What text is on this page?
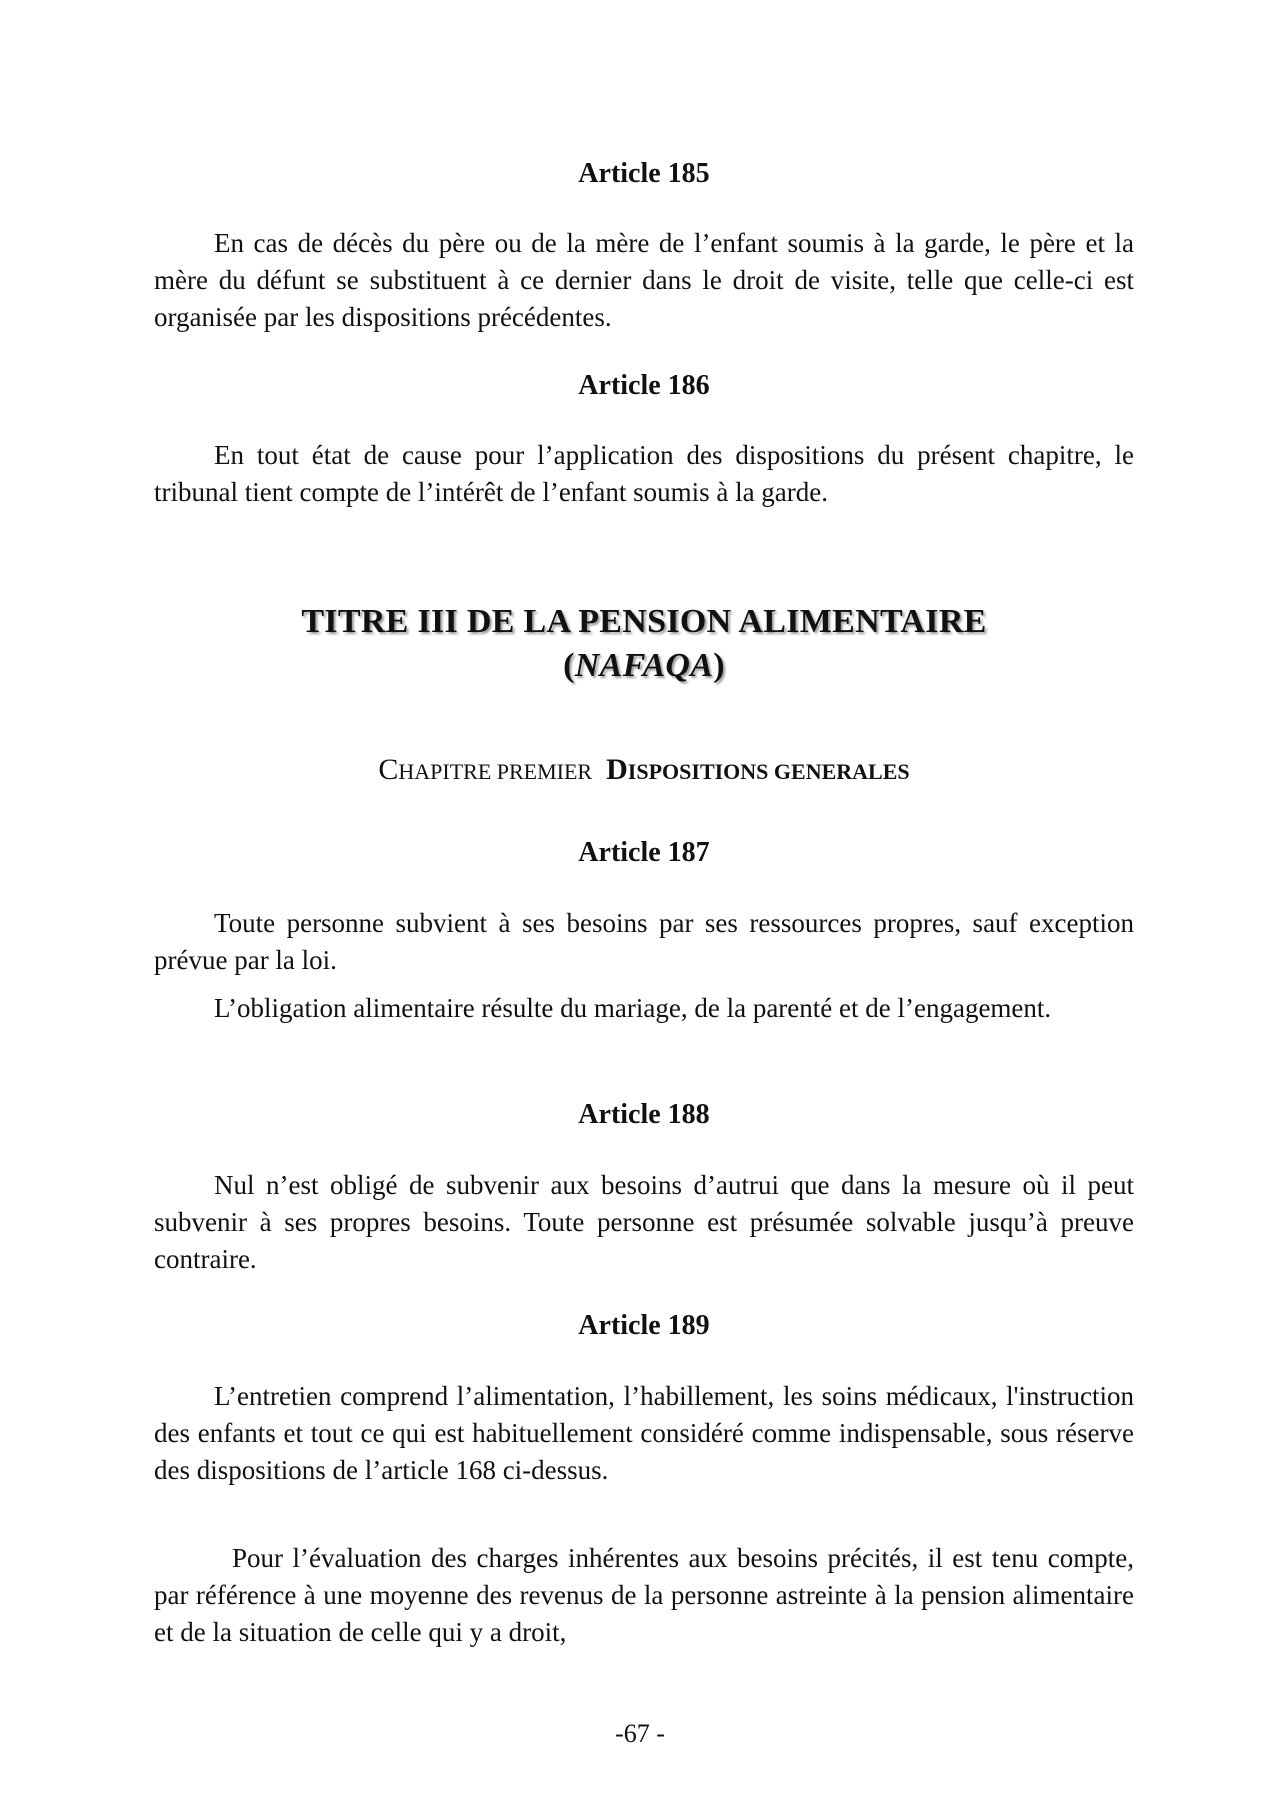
Article 185

En cas de décès du père ou de la mère de l’enfant soumis à la garde, le père et la mère du défunt se substituent à ce dernier dans le droit de visite, telle que celle-ci est organisée par les dispositions précédentes.

Article 186

En tout état de cause pour l’application des dispositions du présent chapitre, le tribunal tient compte de l’intérêt de l’enfant soumis à la garde.

TITRE III DE LA PENSION ALIMENTAIRE

(NAFAQA)

CHAPITRE PREMIER DISPOSITIONS GENERALES

Article 187

Toute personne subvient à ses besoins par ses ressources propres, sauf exception prévue par la loi.

L’obligation alimentaire résulte du mariage, de la parenté et de l’engagement.

Article 188

Nul n’est obligé de subvenir aux besoins d’autrui que dans la mesure où il peut subvenir à ses propres besoins. Toute personne est présumée solvable jusqu’à preuve contraire.

Article 189

L’entretien comprend l’alimentation, l’habillement, les soins médicaux, l'instruction des enfants et tout ce qui est habituellement considéré comme indispensable, sous réserve des dispositions de l’article 168 ci-dessus.

Pour l’évaluation des charges inhérentes aux besoins précités, il est tenu compte, par référence à une moyenne des revenus de la personne astreinte à la pension alimentaire et de la situation de celle qui y a droit,

-67 -
